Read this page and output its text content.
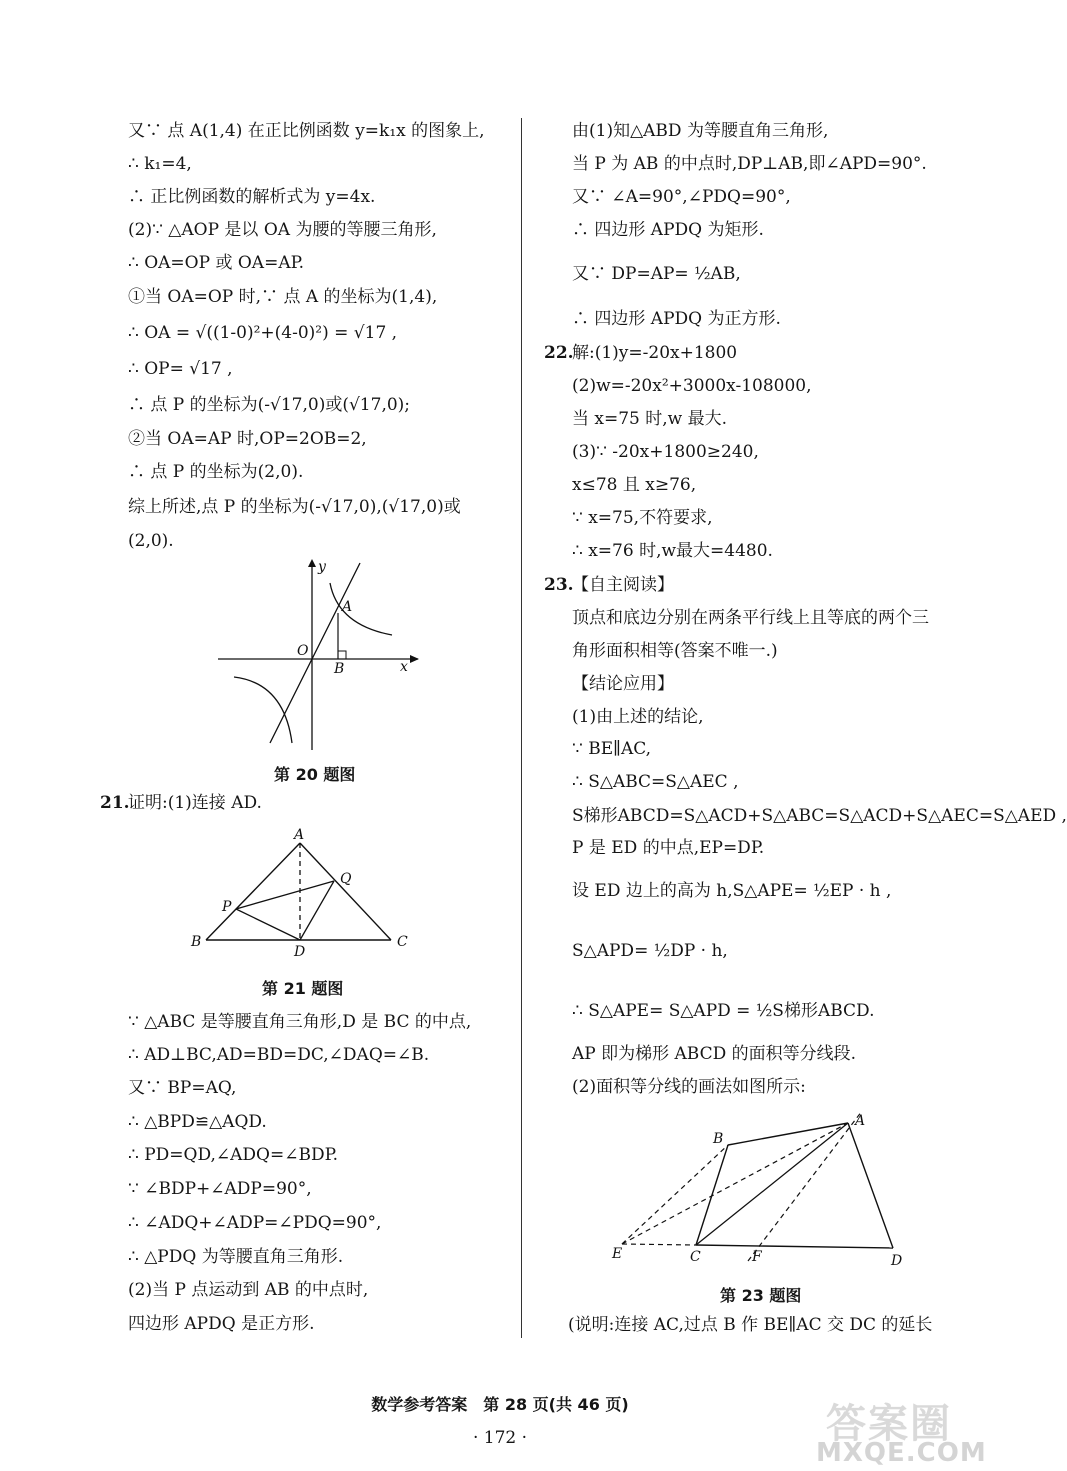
又∵ 点 A(1,4) 在正比例函数 y=k₁x 的图象上,
∴ k₁=4,
∴ 正比例函数的解析式为 y=4x.
(2)∵ △AOP 是以 OA 为腰的等腰三角形,
∴ OA=OP 或 OA=AP.
①当 OA=OP 时,∵ 点 A 的坐标为(1,4),
∴ OA = √((1-0)²+(4-0)²) = √17 ,
∴ OP= √17 ,
∴ 点 P 的坐标为(-√17,0)或(√17,0);
②当 OA=AP 时,OP=2OB=2,
∴ 点 P 的坐标为(2,0).
综上所述,点 P 的坐标为(-√17,0),(√17,0)或
(2,0).
y
x
O
A
B
第 20 题图
21.
证明:(1)连接 AD.
A
Q
P
B
D
C
第 21 题图
∵ △ABC 是等腰直角三角形,D 是 BC 的中点,
∴ AD⊥BC,AD=BD=DC,∠DAQ=∠B.
又∵ BP=AQ,
∴ △BPD≌△AQD.
∴ PD=QD,∠ADQ=∠BDP.
∵ ∠BDP+∠ADP=90°,
∴ ∠ADQ+∠ADP=∠PDQ=90°,
∴ △PDQ 为等腰直角三角形.
(2)当 P 点运动到 AB 的中点时,
四边形 APDQ 是正方形.
由(1)知△ABD 为等腰直角三角形,
当 P 为 AB 的中点时,DP⊥AB,即∠APD=90°.
又∵ ∠A=90°,∠PDQ=90°,
∴ 四边形 APDQ 为矩形.
又∵ DP=AP= ½AB,
∴ 四边形 APDQ 为正方形.
22.
解:(1)y=-20x+1800
(2)w=-20x²+3000x-108000,
当 x=75 时,w 最大.
(3)∵ -20x+1800≥240,
x≤78 且 x≥76,
∵ x=75,不符要求,
∴ x=76 时,w最大=4480.
23.
【自主阅读】
顶点和底边分别在两条平行线上且等底的两个三
角形面积相等(答案不唯一.)
【结论应用】
(1)由上述的结论,
∵ BE∥AC,
∴ S△ABC=S△AEC ,
S梯形ABCD=S△ACD+S△ABC=S△ACD+S△AEC=S△AED ,
P 是 ED 的中点,EP=DP.
设 ED 边上的高为 h,S△APE= ½EP · h ,
S△APD= ½DP · h,
∴ S△APE= S△APD = ½S梯形ABCD.
AP 即为梯形 ABCD 的面积等分线段.
(2)面积等分线的画法如图所示:
B
A
E	C	F	D
第 23 题图
(说明:连接 AC,过点 B 作 BE∥AC 交 DC 的延长
数学参考答案　第 28 页(共 46 页)
· 172 ·	答案圈
MXQE.COM
